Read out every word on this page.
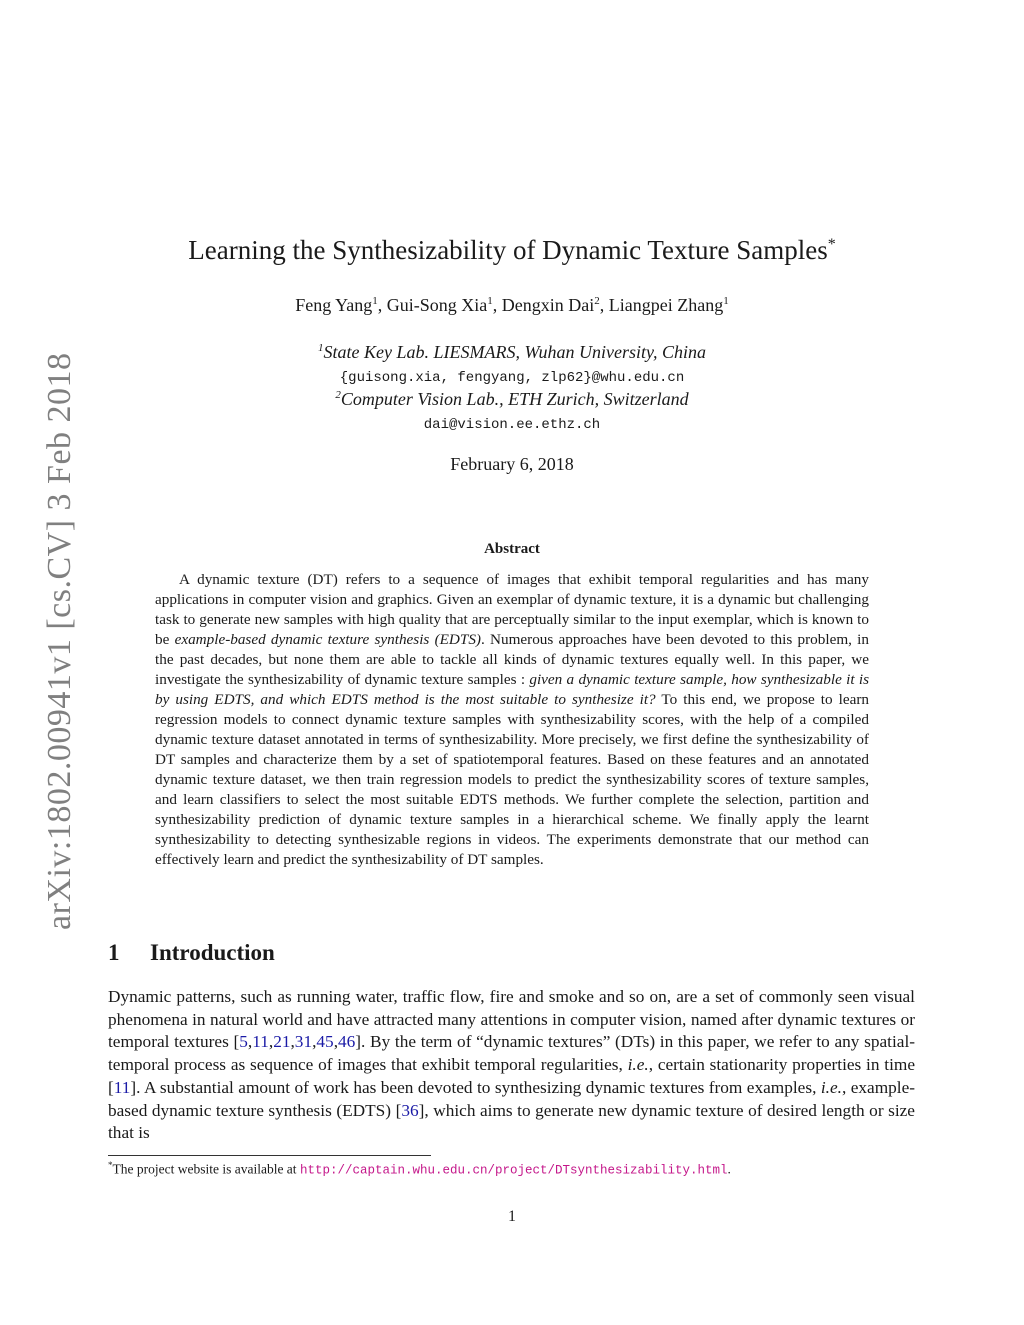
arXiv:1802.00941v1 [cs.CV] 3 Feb 2018
Learning the Synthesizability of Dynamic Texture Samples*
Feng Yang$^1$, Gui-Song Xia$^1$, Dengxin Dai$^2$, Liangpei Zhang$^1$
$^1$State Key Lab. LIESMARS, Wuhan University, China
{guisong.xia, fengyang, zlp62}@whu.edu.cn
$^2$Computer Vision Lab., ETH Zurich, Switzerland
dai@vision.ee.ethz.ch
February 6, 2018
Abstract
A dynamic texture (DT) refers to a sequence of images that exhibit temporal regularities and has many applications in computer vision and graphics. Given an exemplar of dynamic texture, it is a dynamic but challenging task to generate new samples with high quality that are perceptually similar to the input exemplar, which is known to be example-based dynamic texture synthesis (EDTS). Numerous approaches have been devoted to this problem, in the past decades, but none them are able to tackle all kinds of dynamic textures equally well. In this paper, we investigate the synthesizability of dynamic texture samples : given a dynamic texture sample, how synthesizable it is by using EDTS, and which EDTS method is the most suitable to synthesize it? To this end, we propose to learn regression models to connect dynamic texture samples with synthesizability scores, with the help of a compiled dynamic texture dataset annotated in terms of synthesizability. More precisely, we first define the synthesizability of DT samples and characterize them by a set of spatiotemporal features. Based on these features and an annotated dynamic texture dataset, we then train regression models to predict the synthesizability scores of texture samples, and learn classifiers to select the most suitable EDTS methods. We further complete the selection, partition and synthesizability prediction of dynamic texture samples in a hierarchical scheme. We finally apply the learnt synthesizability to detecting synthesizable regions in videos. The experiments demonstrate that our method can effectively learn and predict the synthesizability of DT samples.
1 Introduction
Dynamic patterns, such as running water, traffic flow, fire and smoke and so on, are a set of commonly seen visual phenomena in natural world and have attracted many attentions in computer vision, named after dynamic textures or temporal textures [5,11,21,31,45,46]. By the term of “dynamic textures” (DTs) in this paper, we refer to any spatial-temporal process as sequence of images that exhibit temporal regularities, i.e., certain stationarity properties in time [11]. A substantial amount of work has been devoted to synthesizing dynamic textures from examples, i.e., example-based dynamic texture synthesis (EDTS) [36], which aims to generate new dynamic texture of desired length or size that is
*The project website is available at http://captain.whu.edu.cn/project/DTsynthesizability.html.
1
